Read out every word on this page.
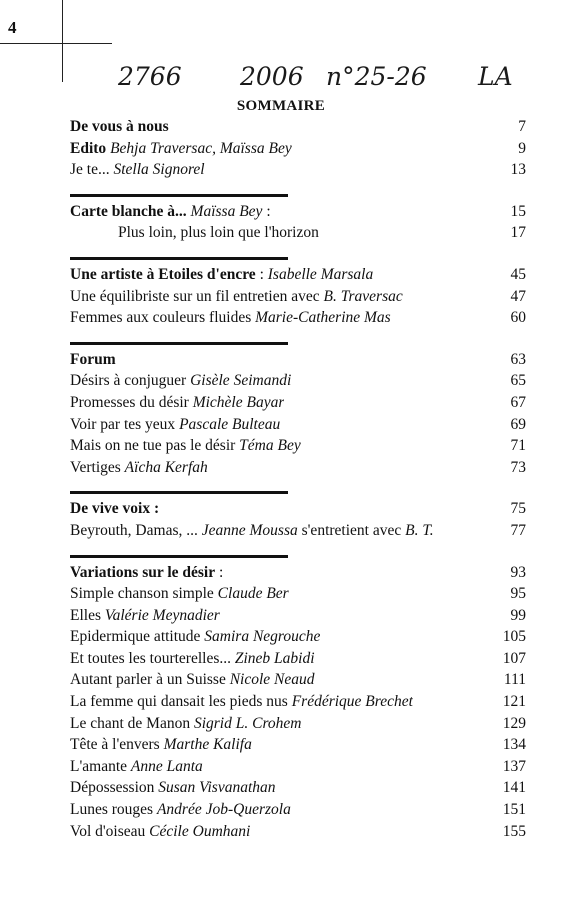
4
2766 2006 n°25-26 LA
SOMMAIRE
De vous à nous	7
Edito Behja Traversac, Maïssa Bey	9
Je te... Stella Signorel	13
Carte blanche à... Maïssa Bey :	15
Plus loin, plus loin que l'horizon	17
Une artiste à Etoiles d'encre : Isabelle Marsala	45
Une équilibriste sur un fil entretien avec B. Traversac	47
Femmes aux couleurs fluides Marie-Catherine Mas	60
Forum	63
Désirs à conjuguer Gisèle Seimandi	65
Promesses du désir Michèle Bayar	67
Voir par tes yeux Pascale Bulteau	69
Mais on ne tue pas le désir Téma Bey	71
Vertiges Aïcha Kerfah	73
De vive voix :	75
Beyrouth, Damas, ... Jeanne Moussa s'entretient avec B. T.	77
Variations sur le désir :	93
Simple chanson simple Claude Ber	95
Elles Valérie Meynadier	99
Epidermique attitude Samira Negrouche	105
Et toutes les tourterelles... Zineb Labidi	107
Autant parler à un Suisse Nicole Neaud	111
La femme qui dansait les pieds nus Frédérique Brechet	121
Le chant de Manon Sigrid L. Crohem	129
Tête à l'envers Marthe Kalifa	134
L'amante Anne Lanta	137
Dépossession Susan Visvanathan	141
Lunes rouges Andrée Job-Querzola	151
Vol d'oiseau Cécile Oumhani	155
